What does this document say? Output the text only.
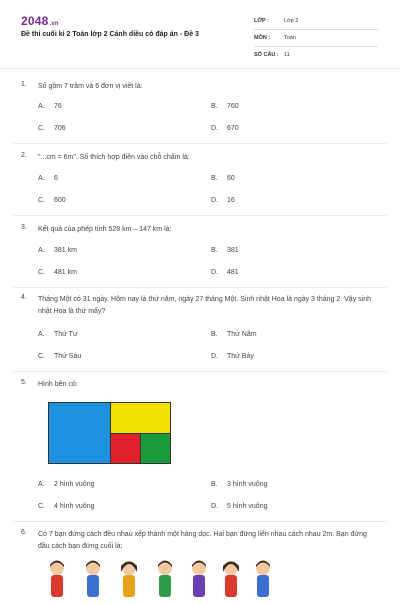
2048.vn
Đề thi cuối kì 2 Toán lớp 2 Cánh diều có đáp án - Đề 3
LỚP :	Lớp 2
MÔN :	Toán
SỐ CÂU : 11
1. Số gồm 7 trăm và 6 đơn vị viết là:
A. 76	B. 760
C. 706	D. 670
2. "...cm = 6m". Số thích hợp điền vào chỗ chấm là:
A. 6	B. 60
C. 600	D. 16
3. Kết quả của phép tính 528 km – 147 km là:
A. 381 km	B. 381
C. 481 km	D. 481
4. Tháng Một có 31 ngày. Hôm nay là thứ năm, ngày 27 tháng Một. Sinh nhật Hoa là ngày 3 tháng 2. Vậy sinh nhật Hoa là thứ mấy?
A. Thứ Tư	B. Thứ Năm
C. Thứ Sáu	D. Thứ Bảy
5. Hình bên có:
A. 2 hình vuông	B. 3 hình vuông
C. 4 hình vuông	D. 5 hình vuông
6. Có 7 bạn đứng cách đều nhau xếp thành một hàng dọc. Hai bạn đứng liền nhau cách nhau 2m. Bạn đứng đầu cách bạn đứng cuối là:
